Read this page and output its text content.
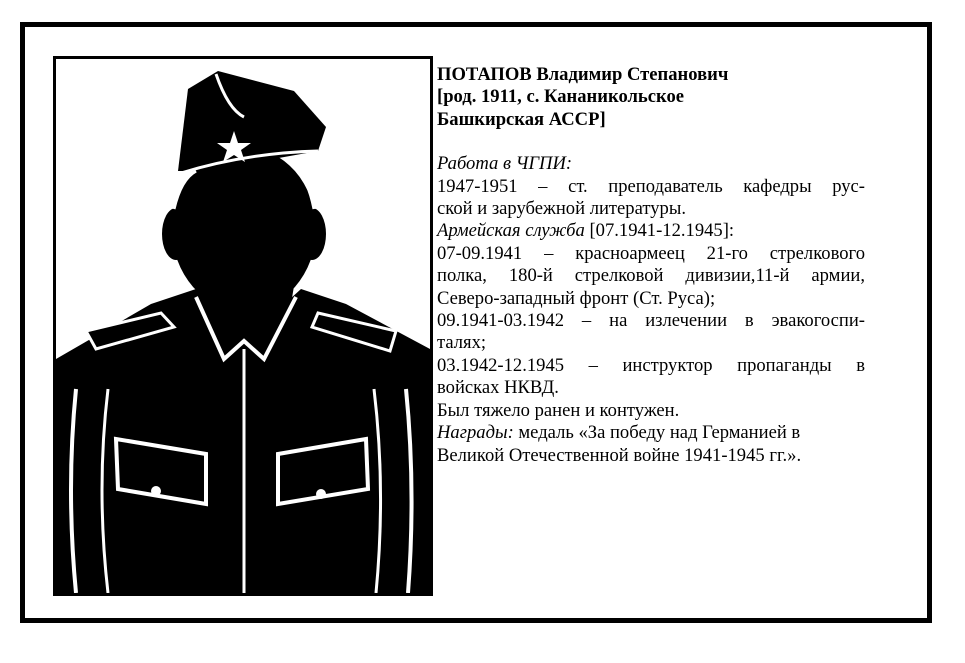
ПОТАПОВ Владимир Степанович
[род. 1911, с. Кананикольское
Башкирская АССР]
Работа в ЧГПИ:
1947-1951 – ст. преподаватель кафедры рус-
ской и зарубежной литературы.
Армейская служба [07.1941-12.1945]:
07-09.1941 – красноармеец 21-го стрелкового
полка, 180-й стрелковой дивизии,11-й армии,
Северо-западный фронт (Ст. Руса);
09.1941-03.1942 – на излечении в эвакогоспи-
талях;
03.1942-12.1945 – инструктор пропаганды в
войсках НКВД.
Был тяжело ранен и контужен.
Награды: медаль «За победу над Германией в
Великой Отечественной войне 1941-1945 гг.».
